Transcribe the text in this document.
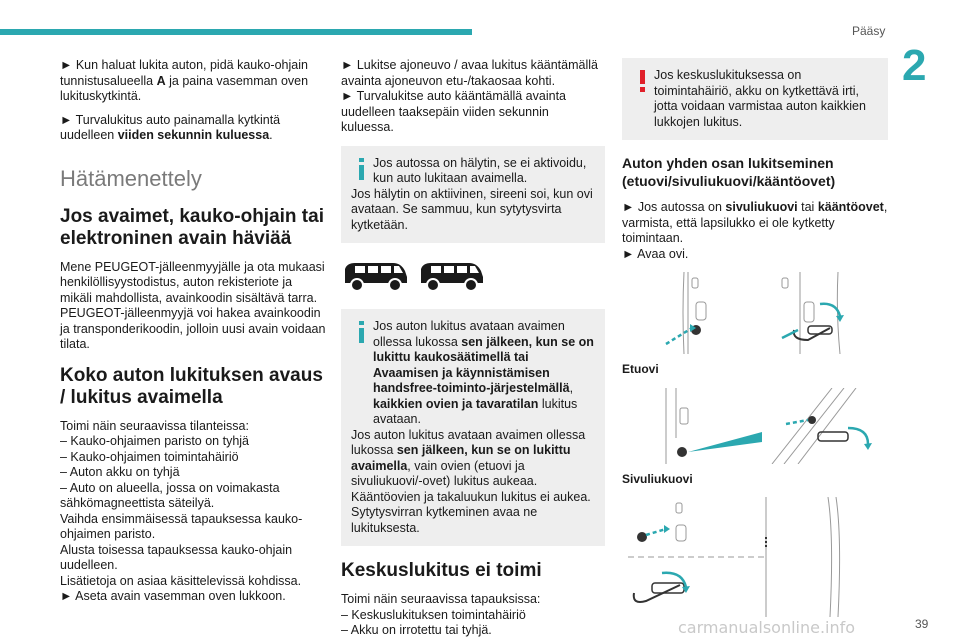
Pääsy
2

► Kun haluat lukita auton, pidä kauko-ohjain tunnistusalueella A ja paina vasemman oven lukituskytkintä.

► Turvalukitus auto painamalla kytkintä uudelleen viiden sekunnin kuluessa.

Hätämenettely
Jos avaimet, kauko-ohjain tai elektroninen avain häviää

Mene PEUGEOT-jälleenmyyjälle ja ota mukaasi henkilöllisyystodistus, auton rekisteriote ja mikäli mahdollista, avainkoodin sisältävä tarra.

PEUGEOT-jälleenmyyjä voi hakea avainkoodin ja transponderikoodin, jolloin uusi avain voidaan tilata.

Koko auton lukituksen avaus / lukitus avaimella

Toimi näin seuraavissa tilanteissa:

– Kauko-ohjaimen paristo on tyhjä

– Kauko-ohjaimen toimintahäiriö

– Auton akku on tyhjä

– Auto on alueella, jossa on voimakasta sähkömagneettista säteilyä.

Vaihda ensimmäisessä tapauksessa kauko-ohjaimen paristo.

Alusta toisessa tapauksessa kauko-ohjain uudelleen.

Lisätietoja on asiaa käsittelevissä kohdissa.

► Aseta avain vasemman oven lukkoon.

► Lukitse ajoneuvo / avaa lukitus kääntämällä avainta ajoneuvon etu-/takaosaa kohti.

► Turvalukitse auto kääntämällä avainta uudelleen taaksepäin viiden sekunnin kuluessa.

Jos autossa on hälytin, se ei aktivoidu, kun auto lukitaan avaimella.

Jos hälytin on aktiivinen, sireeni soi, kun ovi avataan. Se sammuu, kun sytytysvirta kytketään.

Jos auton lukitus avataan avaimen ollessa lukossa sen jälkeen, kun se on lukittu kaukosäätimellä tai Avaamisen ja käynnistämisen handsfree-toiminto-järjestelmällä, kaikkien ovien ja tavaratilan lukitus avataan.

Jos auton lukitus avataan avaimen ollessa lukossa sen jälkeen, kun se on lukittu avaimella, vain ovien (etuovi ja sivuliukuovi/-ovet) lukitus aukeaa. Kääntöovien ja takaluukun lukitus ei aukea. Sytytysvirran kytkeminen avaa ne lukituksesta.

Keskuslukitus ei toimi

Toimi näin seuraavissa tapauksissa:

– Keskuslukituksen toimintahäiriö

– Akku on irrotettu tai tyhjä.

Jos keskuslukituksessa on toimintahäiriö, akku on kytkettävä irti, jotta voidaan varmistaa auton kaikkien lukkojen lukitus.

Auton yhden osan lukitseminen (etuovi/sivuliukuovi/kääntöovet)

► Jos autossa on sivuliukuovi tai kääntöovet, varmista, että lapsilukko ei ole kytketty toimintaan.

► Avaa ovi.

Etuovi
Sivuliukuovi
carmanualsonline.info	39
